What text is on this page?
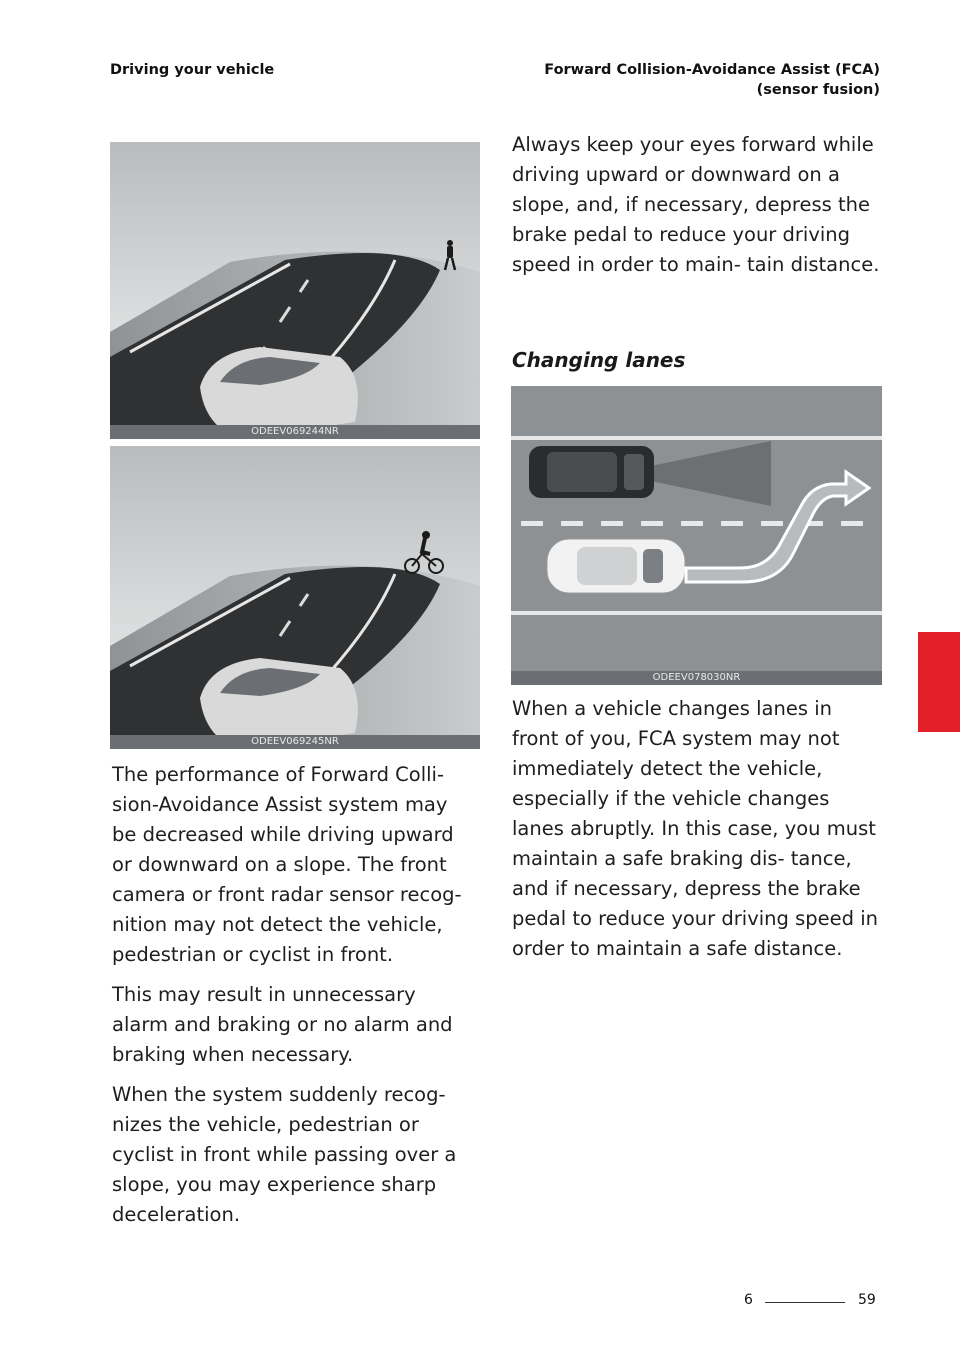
Driving your vehicle	Forward Collision-Avoidance Assist (FCA) (sensor fusion)
ODEEV069244NR
ODEEV069245NR
ODEEV078030NR

The performance of Forward Colli- sion-Avoidance Assist system may be decreased while driving upward or downward on a slope. The front camera or front radar sensor recog- nition may not detect the vehicle, pedestrian or cyclist in front.

This may result in unnecessary alarm and braking or no alarm and braking when necessary.

When the system suddenly recog- nizes the vehicle, pedestrian or cyclist in front while passing over a slope, you may experience sharp deceleration.

Always keep your eyes forward while driving upward or downward on a slope, and, if necessary, depress the brake pedal to reduce your driving speed in order to main- tain distance.

Changing lanes

When a vehicle changes lanes in front of you, FCA system may not immediately detect the vehicle, especially if the vehicle changes lanes abruptly. In this case, you must maintain a safe braking dis- tance, and if necessary, depress the brake pedal to reduce your driving speed in order to maintain a safe distance.

6
6	59
